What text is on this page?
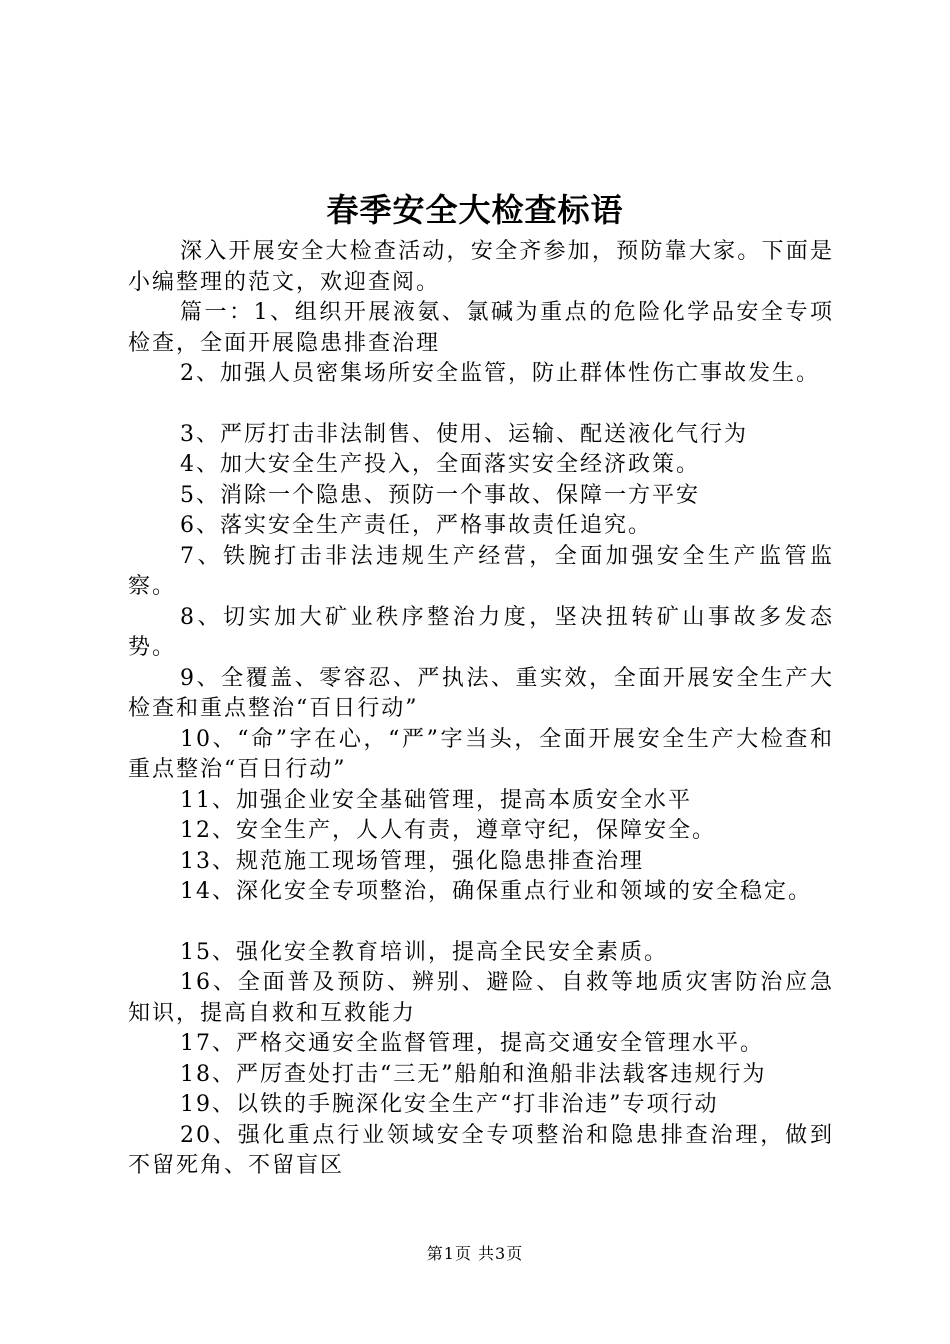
春季安全大检查标语

深入开展安全大检查活动，安全齐参加，预防靠大家。下面是小编整理的范文，欢迎查阅。

篇一：1、组织开展液氨、氯碱为重点的危险化学品安全专项检查，全面开展隐患排查治理

2、加强人员密集场所安全监管，防止群体性伤亡事故发生。

3、严厉打击非法制售、使用、运输、配送液化气行为

4、加大安全生产投入，全面落实安全经济政策。

5、消除一个隐患、预防一个事故、保障一方平安

6、落实安全生产责任，严格事故责任追究。

7、铁腕打击非法违规生产经营，全面加强安全生产监管监察。

8、切实加大矿业秩序整治力度，坚决扭转矿山事故多发态势。

9、全覆盖、零容忍、严执法、重实效，全面开展安全生产大检查和重点整治“百日行动”

10、“命”字在心，“严”字当头，全面开展安全生产大检查和重点整治“百日行动”

11、加强企业安全基础管理，提高本质安全水平

12、安全生产，人人有责，遵章守纪，保障安全。

13、规范施工现场管理，强化隐患排查治理

14、深化安全专项整治，确保重点行业和领域的安全稳定。

15、强化安全教育培训，提高全民安全素质。

16、全面普及预防、辨别、避险、自救等地质灾害防治应急知识，提高自救和互救能力

17、严格交通安全监督管理，提高交通安全管理水平。

18、严厉查处打击“三无”船舶和渔船非法载客违规行为

19、以铁的手腕深化安全生产“打非治违”专项行动

20、强化重点行业领域安全专项整治和隐患排查治理，做到不留死角、不留盲区

第1页 共3页
